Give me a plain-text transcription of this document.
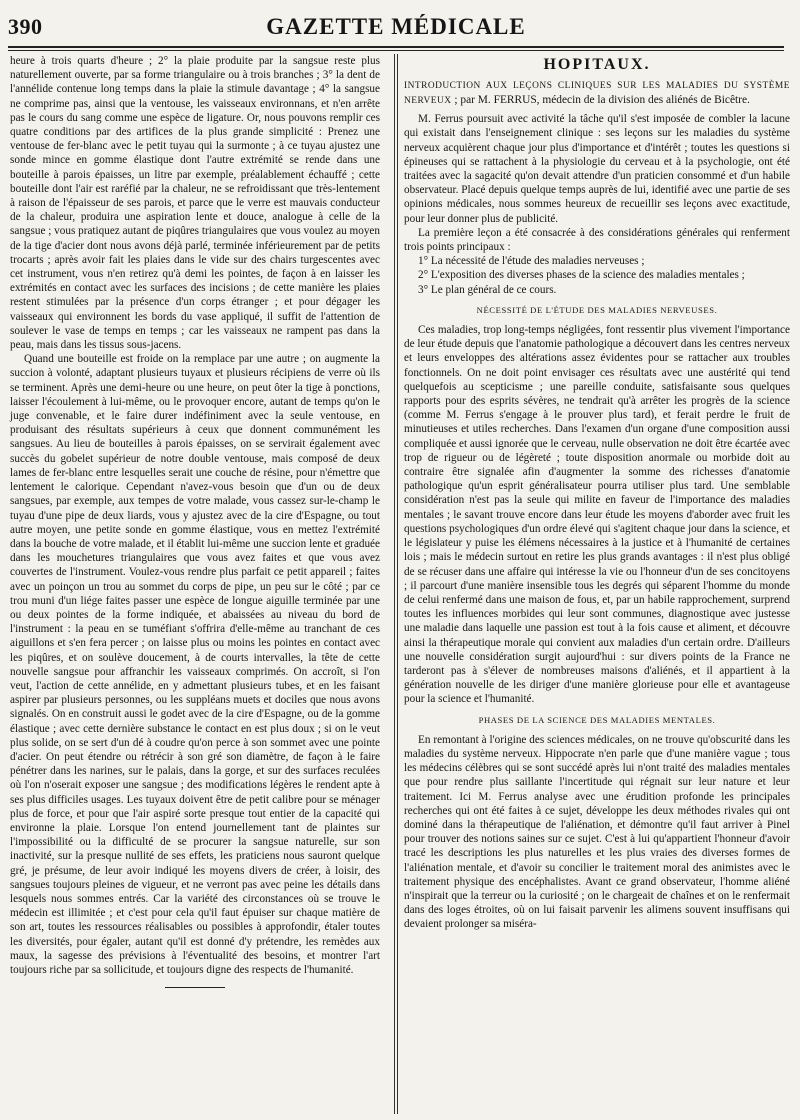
390	GAZETTE MÉDICALE

heure à trois quarts d'heure ; 2° la plaie produite par la sangsue reste plus naturellement ouverte, par sa forme triangulaire ou à trois branches ; 3° la dent de l'annélide contenue long temps dans la plaie la stimule davantage ; 4° la sangsue ne comprime pas, ainsi que la ventouse, les vaisseaux environnans, et n'en arrête pas le cours du sang comme une espèce de ligature. Or, nous pouvons remplir ces quatre conditions par des artifices de la plus grande simplicité : Prenez une ventouse de fer-blanc avec le petit tuyau qui la surmonte ; à ce tuyau ajustez une sonde mince en gomme élastique dont l'autre extrémité se rende dans une bouteille à parois épaisses, un litre par exemple, préalablement échauffé ; cette bouteille dont l'air est raréfié par la chaleur, ne se refroidissant que très-lentement à raison de l'épaisseur de ses parois, et parce que le verre est mauvais conducteur de la chaleur, produira une aspiration lente et douce, analogue à celle de la sangsue ; vous pratiquez autant de piqûres triangulaires que vous voulez au moyen de la tige d'acier dont nous avons déjà parlé, terminée inférieurement par de petits trocarts ; après avoir fait les plaies dans le vide sur des chairs turgescentes avec cet instrument, vous n'en retirez qu'à demi les pointes, de façon à en laisser les extrémités en contact avec les surfaces des incisions ; de cette manière les plaies restent stimulées par la présence d'un corps étranger ; et pour dégager les vaisseaux qui environnent les bords du vase appliqué, il suffit de l'attention de soulever le vase de temps en temps ; car les vaisseaux ne rampent pas dans la peau, mais dans les tissus sous-jacens.

Quand une bouteille est froide on la remplace par une autre ; on augmente la succion à volonté, adaptant plusieurs tuyaux et plusieurs récipiens de verre où ils se terminent. Après une demi-heure ou une heure, on peut ôter la tige à ponctions, laisser l'écoulement à lui-même, ou le provoquer encore, autant de temps qu'on le juge convenable, et le faire durer indéfiniment avec la seule ventouse, en produisant des résultats supérieurs à ceux que donnent communément les sangsues. Au lieu de bouteilles à parois épaisses, on se servirait également avec succès du gobelet supérieur de notre double ventouse, mais composé de deux lames de fer-blanc entre lesquelles serait une couche de résine, pour n'émettre que lentement le calorique. Cependant n'avez-vous besoin que d'un ou de deux sangsues, par exemple, aux tempes de votre malade, vous cassez sur-le-champ le tuyau d'une pipe de deux liards, vous y ajustez avec de la cire d'Espagne, ou tout autre moyen, une petite sonde en gomme élastique, vous en mettez l'extrémité dans la bouche de votre malade, et il établit lui-même une succion lente et graduée dans les mouchetures triangulaires que vous avez faites et que vous avez couvertes de l'instrument. Voulez-vous rendre plus parfait ce petit appareil ; faites avec un poinçon un trou au sommet du corps de pipe, un peu sur le côté ; par ce trou muni d'un liége faites passer une espèce de longue aiguille terminée par une ou deux pointes de la forme indiquée, et abaissées au niveau du bord de l'instrument : la peau en se tuméfiant s'offrira d'elle-même au tranchant de ces aiguillons et s'en fera percer ; on laisse plus ou moins les pointes en contact avec les piqûres, et on soulève doucement, à de courts intervalles, la tête de cette nouvelle sangsue pour affranchir les vaisseaux comprimés. On accroît, si l'on veut, l'action de cette annélide, en y admettant plusieurs tubes, et en les faisant aspirer par plusieurs personnes, ou les suppléans muets et dociles que nous avons signalés. On en construit aussi le godet avec de la cire d'Espagne, ou de la gomme élastique ; avec cette dernière substance le contact en est plus doux ; si on le veut plus solide, on se sert d'un dé à coudre qu'on perce à son sommet avec une pointe d'acier. On peut étendre ou rétrécir à son gré son diamètre, de façon à le faire pénétrer dans les narines, sur le palais, dans la gorge, et sur des surfaces reculées où l'on n'oserait exposer une sangsue ; des modifications légères le rendent apte à ses plus difficiles usages. Les tuyaux doivent être de petit calibre pour se ménager plus de force, et pour que l'air aspiré sorte presque tout entier de la capacité qui environne la plaie. Lorsque l'on entend journellement tant de plaintes sur l'impossibilité ou la difficulté de se procurer la sangsue naturelle, sur son inactivité, sur la presque nullité de ses effets, les praticiens nous sauront quelque gré, je présume, de leur avoir indiqué les moyens divers de créer, à loisir, des sangsues toujours pleines de vigueur, et ne verront pas avec peine les détails dans lesquels nous sommes entrés. Car la variété des circonstances où se trouve le médecin est illimitée ; et c'est pour cela qu'il faut épuiser sur chaque matière de son art, toutes les ressources réalisables ou possibles à approfondir, étaler toutes les diversités, pour égaler, autant qu'il est donné d'y prétendre, les remèdes aux maux, la sagesse des prévisions à l'éventualité des besoins, et montrer l'art toujours riche par sa sollicitude, et toujours digne des respects de l'humanité.

HOPITAUX.

INTRODUCTION AUX LEÇONS CLINIQUES SUR LES MALADIES DU SYSTÈME NERVEUX ; par M. FERRUS, médecin de la division des aliénés de Bicêtre.

M. Ferrus poursuit avec activité la tâche qu'il s'est imposée de combler la lacune qui existait dans l'enseignement clinique : ses leçons sur les maladies du système nerveux acquièrent chaque jour plus d'importance et d'intérêt ; toutes les questions si épineuses qui se rattachent à la physiologie du cerveau et à la psychologie, ont été traitées avec la sagacité qu'on devait attendre d'un praticien consommé et d'un habile observateur. Placé depuis quelque temps auprès de lui, identifié avec une partie de ses opinions médicales, nous sommes heureux de recueillir ses leçons avec exactitude, pour leur donner plus de publicité.

La première leçon a été consacrée à des considérations générales qui renferment trois points principaux :

1° La nécessité de l'étude des maladies nerveuses ;
2° L'exposition des diverses phases de la science des maladies mentales ;
3° Le plan général de ce cours.
NÉCESSITÉ DE L'ÉTUDE DES MALADIES NERVEUSES.

Ces maladies, trop long-temps négligées, font ressentir plus vivement l'importance de leur étude depuis que l'anatomie pathologique a découvert dans les centres nerveux et leurs enveloppes des altérations assez évidentes pour se rattacher aux troubles fonctionnels. On ne doit point envisager ces résultats avec une austérité qui tend quelquefois au scepticisme ; une pareille conduite, satisfaisante sous quelques rapports pour des esprits sévères, ne tendrait qu'à arrêter les progrès de la science (comme M. Ferrus s'engage à le prouver plus tard), et ferait perdre le fruit de minutieuses et utiles recherches. Dans l'examen d'un organe d'une composition aussi compliquée et aussi ignorée que le cerveau, nulle observation ne doit être écartée avec trop de rigueur ou de légèreté ; toute disposition anormale ou morbide doit au contraire être signalée afin d'augmenter la somme des richesses d'anatomie pathologique qu'un esprit généralisateur pourra utiliser plus tard. Une semblable considération n'est pas la seule qui milite en faveur de l'importance des maladies mentales ; le savant trouve encore dans leur étude les moyens d'aborder avec fruit les questions psychologiques d'un ordre élevé qui s'agitent chaque jour dans la science, et le législateur y puise les élémens nécessaires à la justice et à l'humanité de certaines lois ; mais le médecin surtout en retire les plus grands avantages : il n'est plus obligé de se récuser dans une affaire qui intéresse la vie ou l'honneur d'un de ses concitoyens ; il parcourt d'une manière insensible tous les degrés qui séparent l'homme du monde de celui renfermé dans une maison de fous, et, par un habile rapprochement, surprend toutes les influences morbides qui leur sont communes, diagnostique avec justesse une maladie dans laquelle une passion est tout à la fois cause et aliment, et découvre ainsi la thérapeutique morale qui convient aux maladies d'un certain ordre. D'ailleurs une nouvelle considération surgit aujourd'hui : sur divers points de la France ne tarderont pas à s'élever de nombreuses maisons d'aliénés, et il appartient à la génération nouvelle de les diriger d'une manière glorieuse pour elle et avantageuse pour la science et l'humanité.

PHASES DE LA SCIENCE DES MALADIES MENTALES.

En remontant à l'origine des sciences médicales, on ne trouve qu'obscurité dans les maladies du système nerveux. Hippocrate n'en parle que d'une manière vague ; tous les médecins célèbres qui se sont succédé après lui n'ont traité des maladies mentales que pour rendre plus saillante l'incertitude qui régnait sur leur nature et leur traitement. Ici M. Ferrus analyse avec une érudition profonde les principales recherches qui ont été faites à ce sujet, développe les deux méthodes rivales qui ont dominé dans la thérapeutique de l'aliénation, et démontre qu'il faut arriver à Pinel pour trouver des notions saines sur ce sujet. C'est à lui qu'appartient l'honneur d'avoir tracé les descriptions les plus naturelles et les plus vraies des diverses formes de l'aliénation mentale, et d'avoir su concilier le traitement moral des animistes avec le traitement physique des encéphalistes. Avant ce grand observateur, l'homme aliéné n'inspirait que la terreur ou la curiosité ; on le chargeait de chaînes et on le renfermait dans des loges étroites, où on lui faisait parvenir les alimens souvent insuffisans qui devaient prolonger sa miséra-
